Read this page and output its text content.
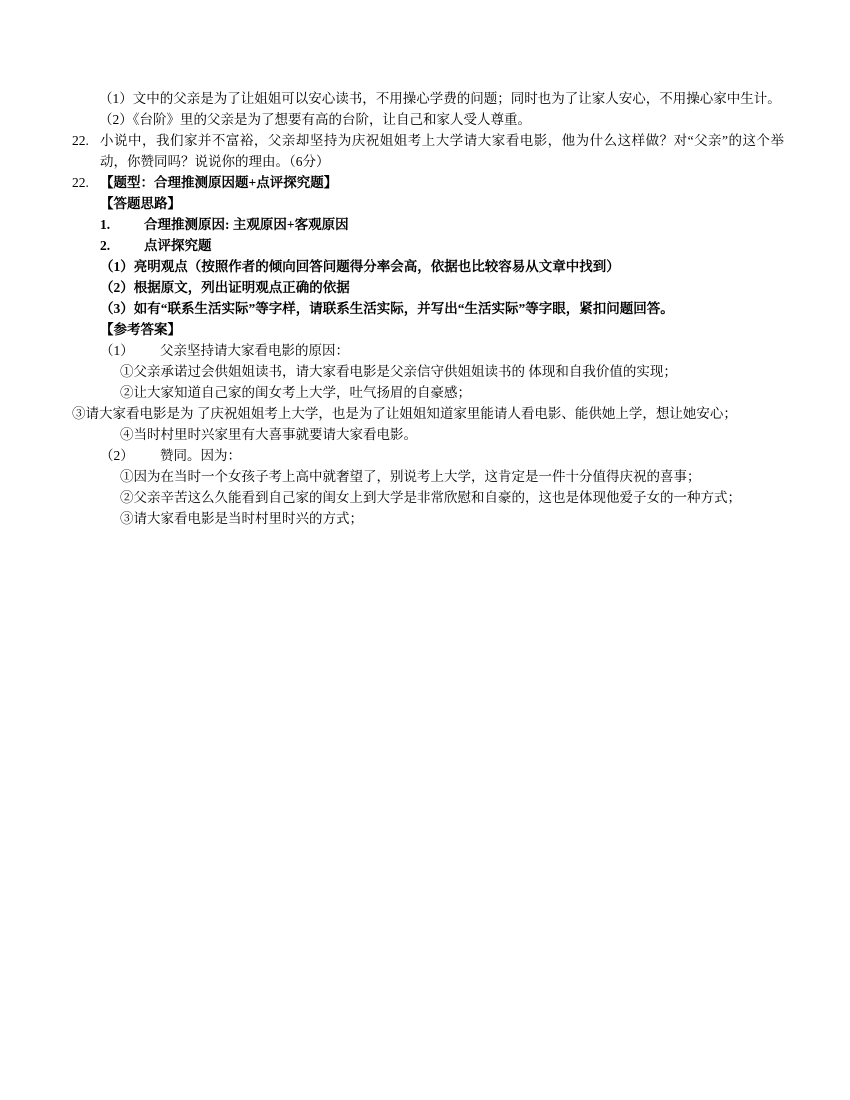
（1）文中的父亲是为了让姐姐可以安心读书，不用操心学费的问题；同时也为了让家人安心，不用操心家中生计。
（2）《台阶》里的父亲是为了想要有高的台阶，让自己和家人受人尊重。
22. 小说中，我们家并不富裕，父亲却坚持为庆祝姐姐考上大学请大家看电影，他为什么这样做？对“父亲”的这个举动，你赞同吗？说说你的理由。（6分）
22. 【题型：合理推测原因题+点评探究题】
【答题思路】
1.	合理推测原因: 主观原因+客观原因
2.	点评探究题
（1）亮明观点（按照作者的倾向回答问题得分率会高，依据也比较容易从文章中找到）
（2）根据原文，列出证明观点正确的依据
（3）如有“联系生活实际”等字样，请联系生活实际，并写出“生活实际”等字眼，紧扣问题回答。
【参考答案】
（1）	父亲坚持请大家看电影的原因：
①父亲承诺过会供姐姐读书，请大家看电影是父亲信守供姐姐读书的 体现和自我价值的实现；
②让大家知道自己家的闺女考上大学，吐气扬眉的自豪感；
③请大家看电影是为 了庆祝姐姐考上大学，也是为了让姐姐知道家里能请人看电影、能供她上学，想让她安心；
④当时村里时兴家里有大喜事就要请大家看电影。
（2）	赞同。因为：
①因为在当时一个女孩子考上高中就奢望了，别说考上大学，这肯定是一件十分值得庆祝的喜事；
②父亲辛苦这么久能看到自己家的闺女上到大学是非常欣慰和自豪的，这也是体现他爱子女的一种方式；
③请大家看电影是当时村里时兴的方式；
